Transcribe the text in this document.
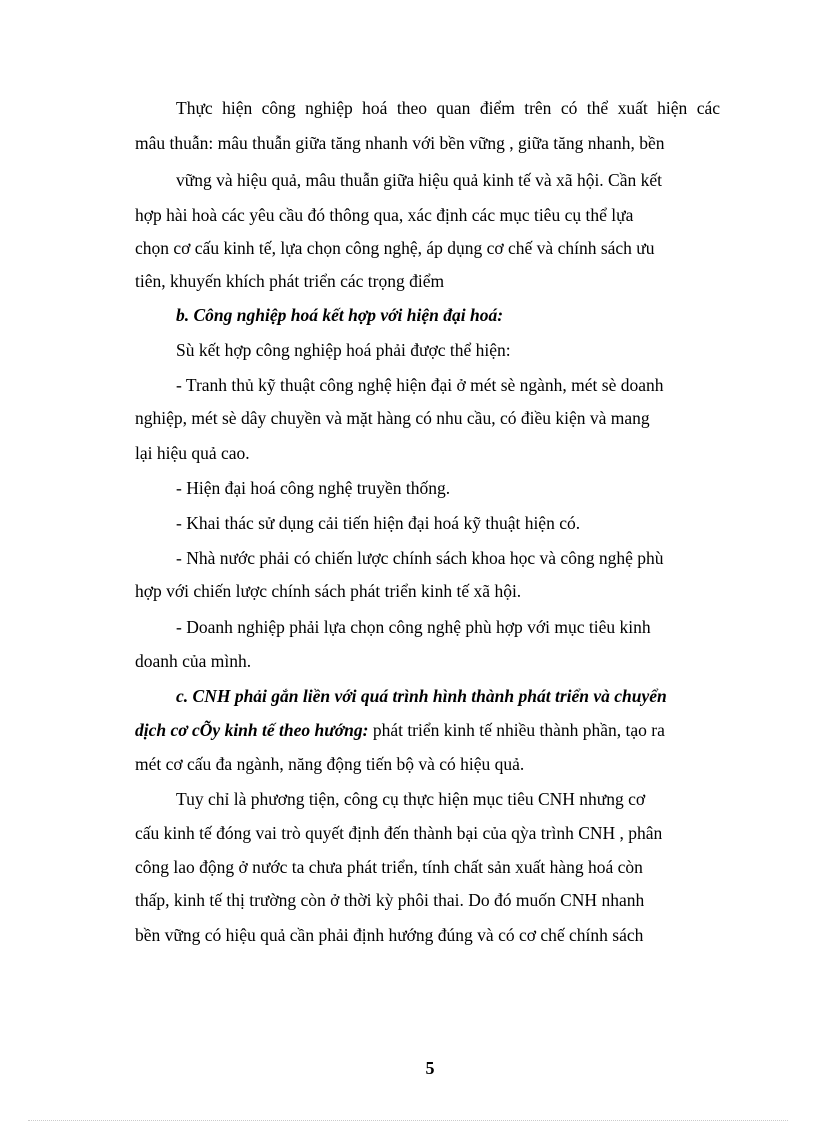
Thực hiện công nghiệp hoá theo quan điểm trên có thể xuất hiện các

mâu thuẫn: mâu thuẫn giữa tăng nhanh với bền vững , giữa tăng nhanh, bền

vững và hiệu quả, mâu thuẫn giữa hiệu quả kinh tế và xã hội. Cần kết

hợp hài hoà các yêu cầu đó thông qua, xác định các mục tiêu cụ thể lựa

chọn cơ cấu kinh tế, lựa chọn công nghệ, áp dụng cơ chế và chính sách ưu

tiên, khuyến khích phát triển các trọng điểm

b. Công nghiệp hoá kết hợp với hiện đại hoá:

Sù kết hợp công nghiệp hoá phải được thể hiện:

- Tranh thủ kỹ thuật công nghệ hiện đại ở mét sè ngành, mét sè doanh

nghiệp, mét sè dây chuyền và mặt hàng có nhu cầu, có điều kiện và mang

lại hiệu quả cao.

- Hiện đại hoá công nghệ truyền thống.

- Khai thác sử dụng cải tiến hiện đại hoá kỹ thuật hiện có.

- Nhà nước phải có chiến lược chính sách khoa học và công nghệ phù

hợp với chiến lược chính sách phát triển kinh tế xã hội.

- Doanh nghiệp phải lựa chọn công nghệ phù hợp với mục tiêu kinh

doanh của mình.

c. CNH phải gắn liền với quá trình hình thành phát triển và chuyển

dịch cơ cÕy kinh tế theo hướng: phát triển kinh tế nhiều thành phần, tạo ra

mét cơ cấu đa ngành, năng động tiến bộ và có hiệu quả.

Tuy chỉ là phương tiện, công cụ thực hiện mục tiêu CNH nhưng cơ

cấu kinh tế đóng vai trò quyết định đến thành bại của qỳa trình CNH , phân

công lao động ở nước ta chưa phát triển, tính chất sản xuất hàng hoá còn

thấp, kinh tế thị trường còn ở thời kỳ phôi thai. Do đó muốn CNH nhanh

bền vững có hiệu quả cần phải định hướng đúng và có cơ chế chính sách

5
